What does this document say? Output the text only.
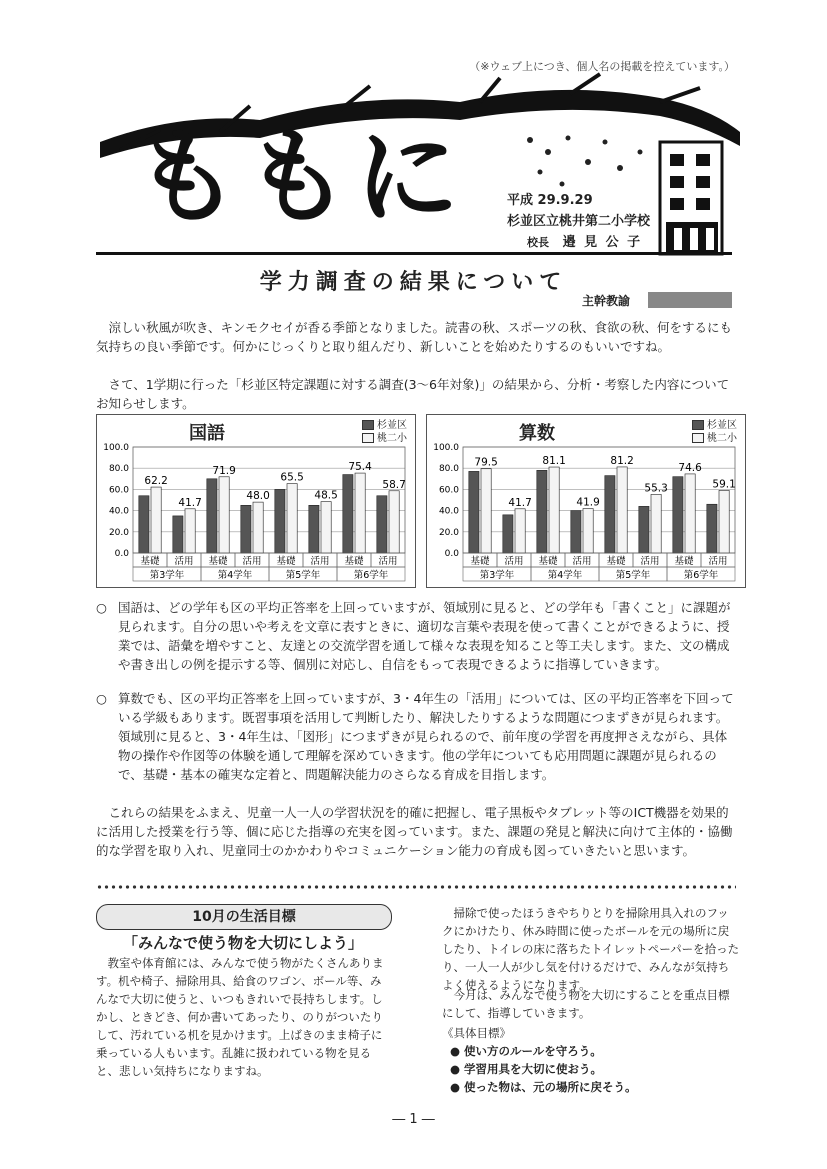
（※ウェブ上につき、個人名の掲載を控えています。）
ももに	平成 29.9.29
杉並区立桃井第二小学校
校長 邉 見 公 子
学力調査の結果について
主幹教諭

涼しい秋風が吹き、キンモクセイが香る季節となりました。読書の秋、スポーツの秋、食欲の秋、何をするにも気持ちの良い季節です。何かにじっくりと取り組んだり、新しいことを始めたりするのもいいですね。

さて、1学期に行った「杉並区特定課題に対する調査(3～6年対象)」の結果から、分析・考察した内容についてお知らせします。

国語	杉並区
桃二小
0.0
20.0
40.0
60.0
80.0
100.0
62.2
基礎
41.7
活用
71.9
基礎
48.0
活用
65.5
基礎
48.5
活用
75.4
基礎
58.7
活用
第3学年	第4学年	第5学年	第6学年
算数	杉並区
桃二小
0.0
20.0
40.0
60.0
80.0
100.0
79.5
基礎
41.7
活用
81.1
基礎
41.9
活用
81.2
基礎
55.3
活用
74.6
基礎
59.1
活用
第3学年	第4学年	第5学年	第6学年
○ 国語は、どの学年も区の平均正答率を上回っていますが、領域別に見ると、どの学年も「書くこと」に課題が見られます。自分の思いや考えを文章に表すときに、適切な言葉や表現を使って書くことができるように、授業では、語彙を増やすこと、友達との交流学習を通して様々な表現を知ること等工夫します。また、文の構成や書き出しの例を提示する等、個別に対応し、自信をもって表現できるように指導していきます。
○ 算数でも、区の平均正答率を上回っていますが、3・4年生の「活用」については、区の平均正答率を下回っている学級もあります。既習事項を活用して判断したり、解決したりするような問題につまずきが見られます。領域別に見ると、3・4年生は、「図形」につまずきが見られるので、前年度の学習を再度押さえながら、具体物の操作や作図等の体験を通して理解を深めていきます。他の学年についても応用問題に課題が見られるので、基礎・基本の確実な定着と、問題解決能力のさらなる育成を目指します。

これらの結果をふまえ、児童一人一人の学習状況を的確に把握し、電子黒板やタブレット等のICT機器を効果的に活用した授業を行う等、個に応じた指導の充実を図っています。また、課題の発見と解決に向けて主体的・協働的な学習を取り入れ、児童同士のかかわりやコミュニケーション能力の育成も図っていきたいと思います。

10月の生活目標
「みんなで使う物を大切にしよう」

教室や体育館には、みんなで使う物がたくさんあります。机や椅子、掃除用具、給食のワゴン、ボール等、みんなで大切に使うと、いつもきれいで長持ちします。しかし、ときどき、何か書いてあったり、のりがついたりして、汚れている机を見かけます。上ばきのまま椅子に乗っている人もいます。乱雑に扱われている物を見ると、悲しい気持ちになりますね。

掃除で使ったほうきやちりとりを掃除用具入れのフックにかけたり、休み時間に使ったボールを元の場所に戻したり、トイレの床に落ちたトイレットペーパーを拾ったり、一人一人が少し気を付けるだけで、みんなが気持ちよく使えるようになります。

今月は、みんなで使う物を大切にすることを重点目標にして、指導していきます。

《具体目標》
● 使い方のルールを守ろう。
● 学習用具を大切に使おう。
● 使った物は、元の場所に戻そう。
― 1 ―
